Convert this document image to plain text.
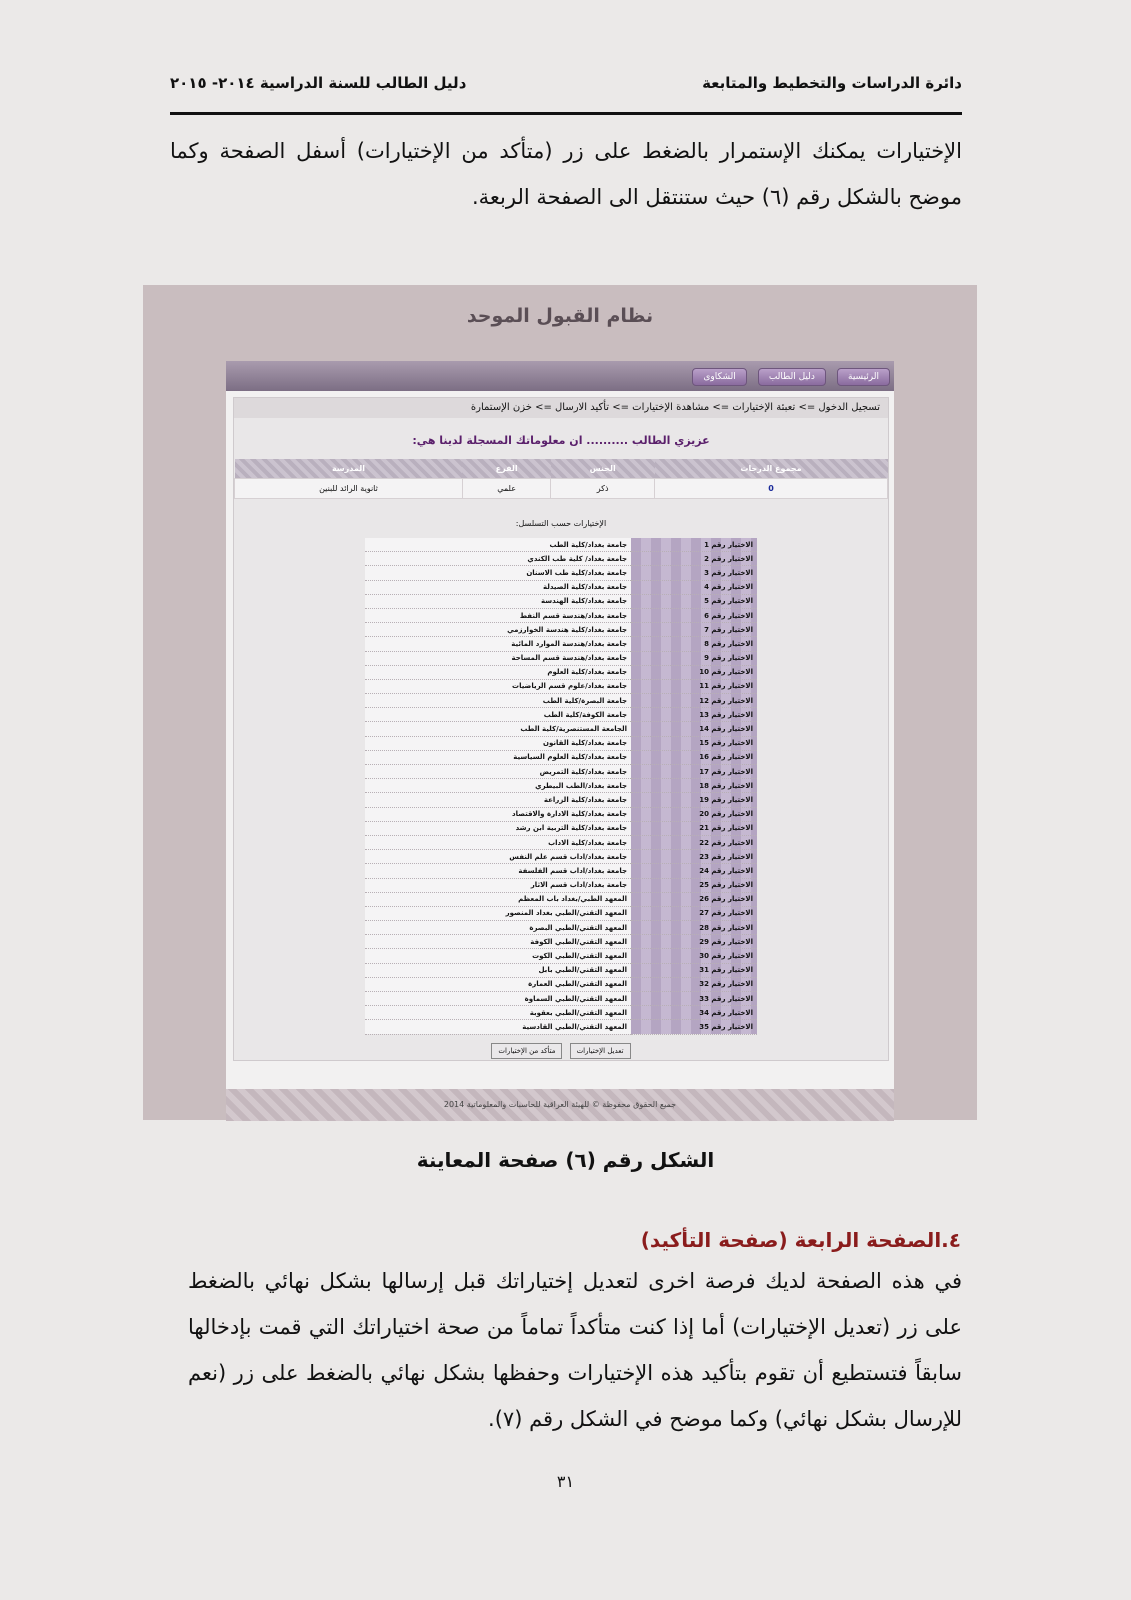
دائرة الدراسات والتخطيط والمتابعة
دليل الطالب للسنة الدراسية ٢٠١٤- ٢٠١٥
الإختيارات يمكنك الإستمرار بالضغط على زر (متأكد من الإختيارات) أسفل الصفحة وكما موضح بالشكل رقم (٦) حيث ستنتقل الى الصفحة الربعة.
نظام القبول الموحد
الرئيسية دليل الطالب الشكاوى
تسجيل الدخول => تعبئة الإختيارات => مشاهدة الإختيارات => تأكيد الارسال => خزن الإستمارة
عزيزي الطالب .......... ان معلوماتك المسجلة لدينا هي:
مجموع الدرجات	الجنس	الفرع	المدرسة
0	ذكر	علمي	ثانوية الرائد للبنين
الإختيارات حسب التسلسل:
الاختيار رقم 1	جامعة بغداد/كلية الطب
الاختيار رقم 2	جامعة بغداد/ كلية طب الكندي
الاختيار رقم 3	جامعة بغداد/كلية طب الاسنان
الاختيار رقم 4	جامعة بغداد/كلية الصيدلة
الاختيار رقم 5	جامعة بغداد/كلية الهندسة
الاختيار رقم 6	جامعة بغداد/هندسة قسم النفط
الاختيار رقم 7	جامعة بغداد/كلية هندسة الخوارزمي
الاختيار رقم 8	جامعة بغداد/هندسة الموارد المائية
الاختيار رقم 9	جامعة بغداد/هندسة قسم المساحة
الاختيار رقم 10	جامعة بغداد/كلية العلوم
الاختيار رقم 11	جامعة بغداد/علوم قسم الرياضيات
الاختيار رقم 12	جامعة البصرة/كلية الطب
الاختيار رقم 13	جامعة الكوفة/كلية الطب
الاختيار رقم 14	الجامعة المستنصرية/كلية الطب
الاختيار رقم 15	جامعة بغداد/كلية القانون
الاختيار رقم 16	جامعة بغداد/كلية العلوم السياسية
الاختيار رقم 17	جامعة بغداد/كلية التمريض
الاختيار رقم 18	جامعة بغداد/الطب البيطري
الاختيار رقم 19	جامعة بغداد/كلية الزراعة
الاختيار رقم 20	جامعة بغداد/كلية الادارة والاقتصاد
الاختيار رقم 21	جامعة بغداد/كلية التربية ابن رشد
الاختيار رقم 22	جامعة بغداد/كلية الاداب
الاختيار رقم 23	جامعة بغداد/اداب قسم علم النفس
الاختيار رقم 24	جامعة بغداد/اداب قسم الفلسفة
الاختيار رقم 25	جامعة بغداد/اداب قسم الاثار
الاختيار رقم 26	المعهد الطبي/بغداد باب المعظم
الاختيار رقم 27	المعهد التقني/الطبي بغداد المنصور
الاختيار رقم 28	المعهد التقني/الطبي البصرة
الاختيار رقم 29	المعهد التقني/الطبي الكوفة
الاختيار رقم 30	المعهد التقني/الطبي الكوت
الاختيار رقم 31	المعهد التقني/الطبي بابل
الاختيار رقم 32	المعهد التقني/الطبي العمارة
الاختيار رقم 33	المعهد التقني/الطبي السماوة
الاختيار رقم 34	المعهد التقني/الطبي بعقوبة
الاختيار رقم 35	المعهد التقني/الطبي القادسية
تعديل الإختيارات متأكد من الإختيارات
جميع الحقوق محفوظة © للهيئة العراقية للحاسبات والمعلوماتية 2014
الشكل رقم (٦) صفحة المعاينة
٤.الصفحة الرابعة (صفحة التأكيد)
في هذه الصفحة لديك فرصة اخرى لتعديل إختياراتك قبل إرسالها بشكل نهائي بالضغط على زر (تعديل الإختيارات) أما إذا كنت متأكداً تماماً من صحة اختياراتك التي قمت بإدخالها سابقاً فتستطيع أن تقوم بتأكيد هذه الإختيارات وحفظها بشكل نهائي بالضغط على زر (نعم للإرسال بشكل نهائي) وكما موضح في الشكل رقم (٧).
٣١
